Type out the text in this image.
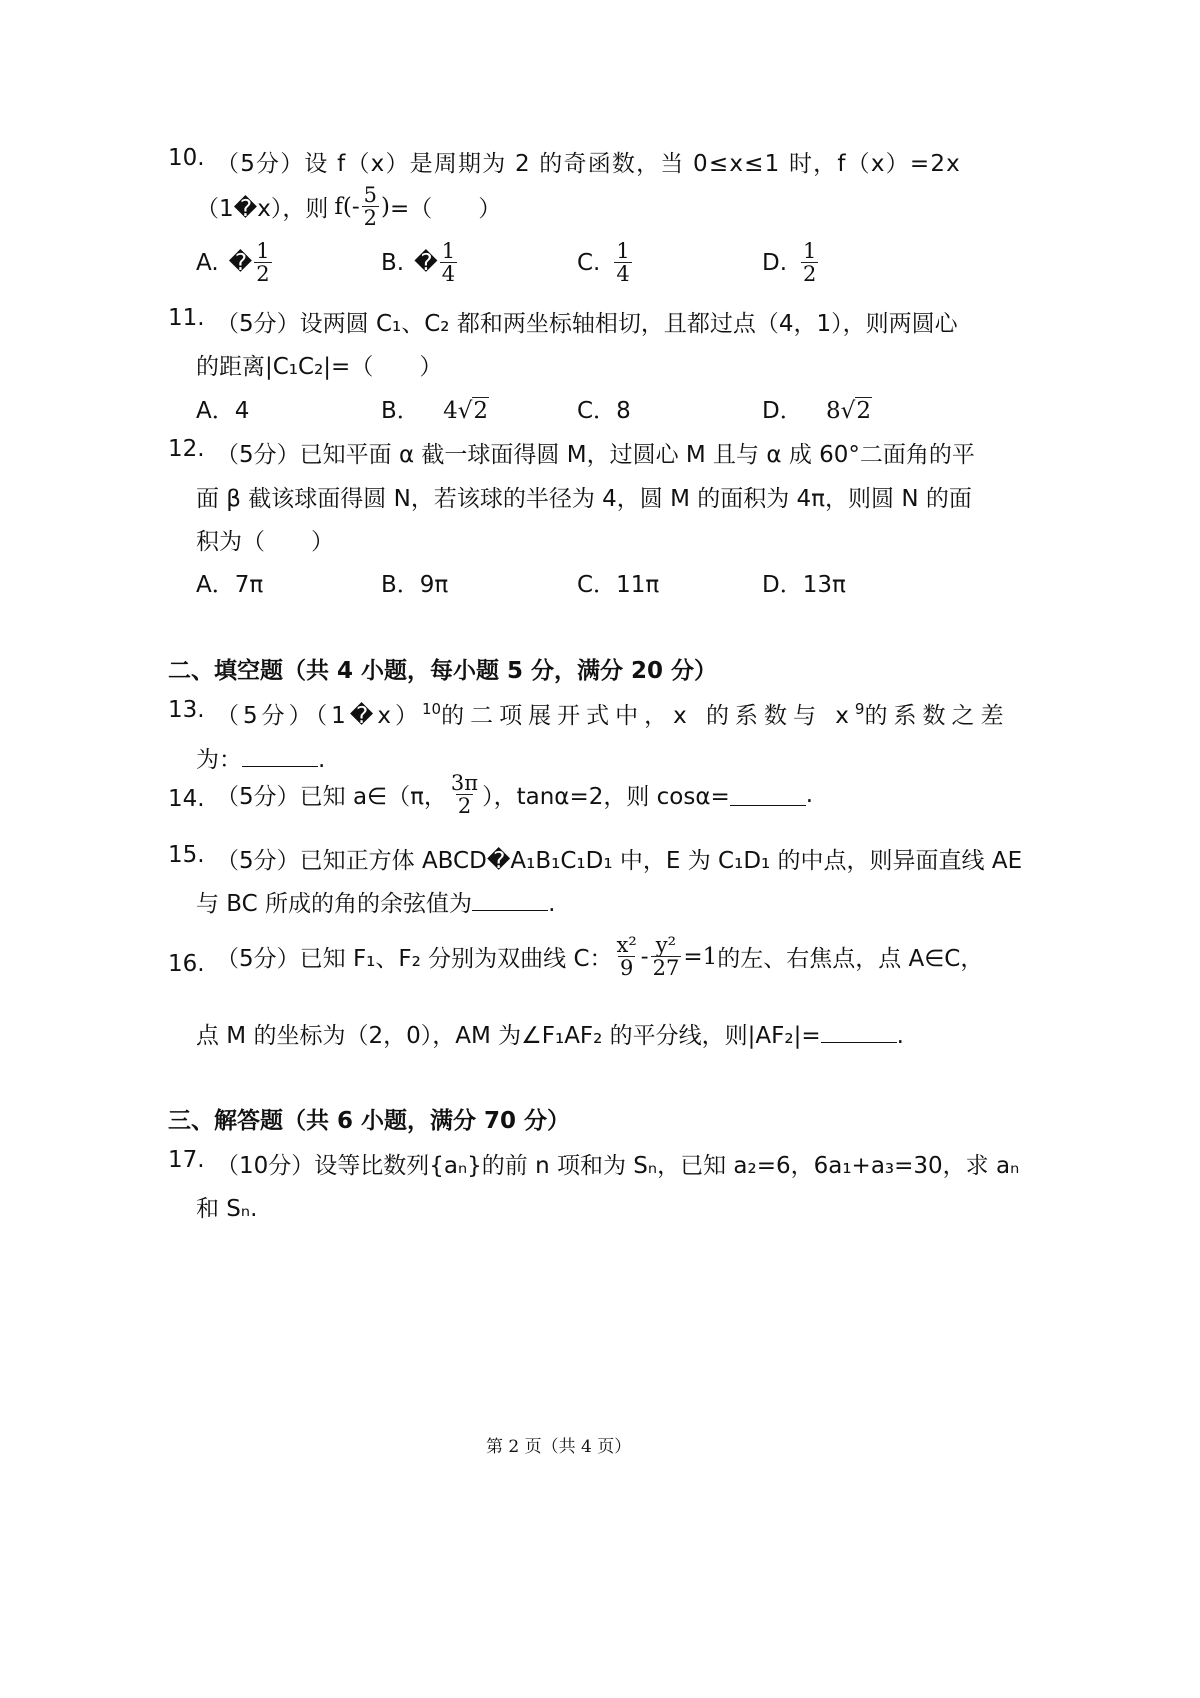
10. （5分）设 f（x）是周期为 2 的奇函数，当 0≤x≤1 时，f（x）=2x
（1�x），则 $f( - \frac{5}{2}$ ) =（　　）
A. � $\frac{1}{2}$	B. � $\frac{1}{4}$	C. $\frac{1}{4}$	D. $\frac{1}{2}$
11. （5分）设两圆 C₁、C₂ 都和两坐标轴相切，且都过点（4，1），则两圆心
的距离|C₁C₂|=（　　）
A．4	B． 4√2	C．8	D． 8√2
12. （5分）已知平面 α 截一球面得圆 M，过圆心 M 且与 α 成 60°二面角的平
面 β 截该球面得圆 N，若该球的半径为 4，圆 M 的面积为 4π，则圆 N 的面
积为（　　）
A．7π	B．9π	C．11π	D．13π
二、填空题（共 4 小题，每小题 5 分，满分 20 分）
13. （5分）（1�x）$^{10}$的二项展开式中，x 的系数与 $x^9$的系数之差
为：	.
14. （5分）已知 a∈（π， $\frac{3\pi}{2}$ ），tanα=2，则 cosα=	.
15. （5分）已知正方体 ABCD�A₁B₁C₁D₁ 中，E 为 C₁D₁ 的中点，则异面直线 AE
与 BC 所成的角的余弦值为	.
16. （5分）已知 F₁、F₂ 分别为双曲线 C： $\frac{\text{x²}}{9} - \frac{\text{y²}}{27} =1$ 的左、右焦点，点 A∈C，
点 M 的坐标为（2，0），AM 为∠F₁AF₂ 的平分线，则|AF₂|=	.
三、解答题（共 6 小题，满分 70 分）
17. （10分）设等比数列{aₙ}的前 n 项和为 Sₙ，已知 a₂=6，6a₁+a₃=30，求 aₙ
和 Sₙ.
第 2 页（共 4 页）
